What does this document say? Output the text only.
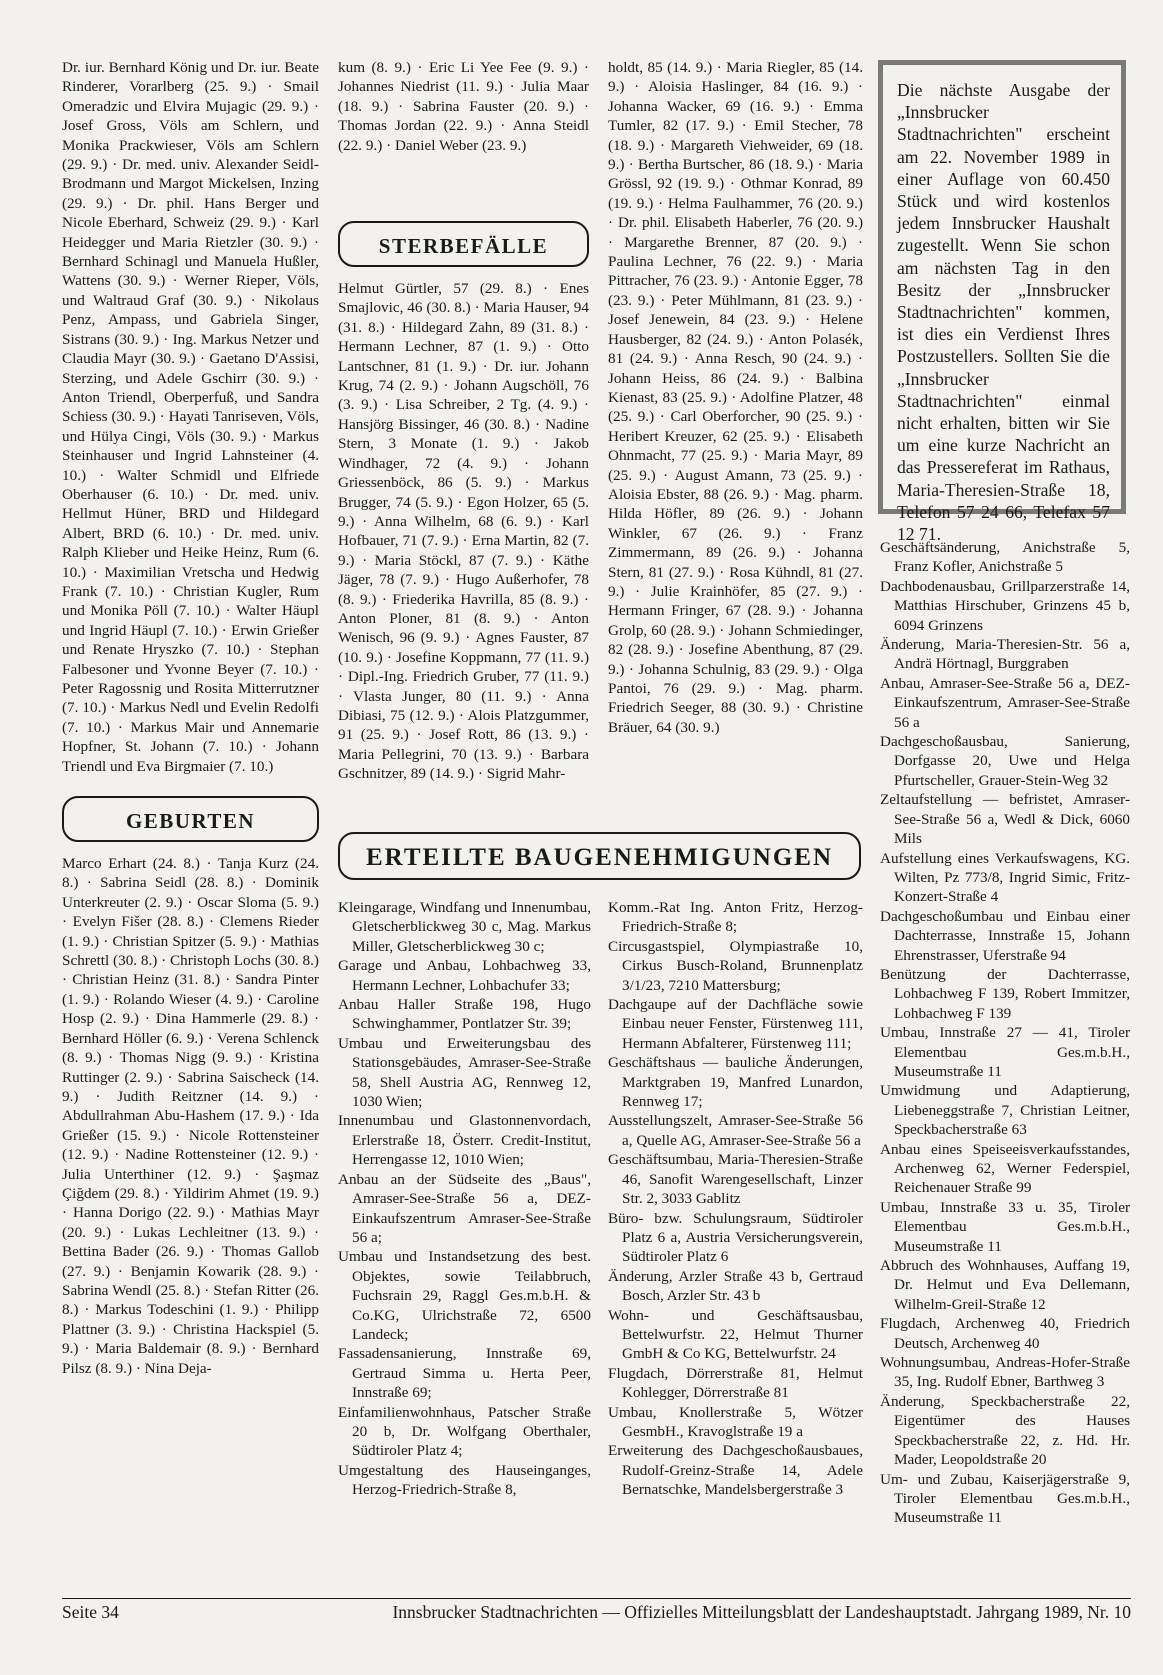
Dr. iur. Bernhard König und Dr. iur. Beate Rinderer, Vorarlberg (25. 9.) · Smail Omeradzic und Elvira Mujagic (29. 9.) · Josef Gross, Völs am Schlern, und Monika Prackwieser, Völs am Schlern (29. 9.) · Dr. med. univ. Alexander Seidl-Brodmann und Margot Mickelsen, Inzing (29. 9.) · Dr. phil. Hans Berger und Nicole Eberhard, Schweiz (29. 9.) · Karl Heidegger und Maria Rietzler (30. 9.) · Bernhard Schinagl und Manuela Hußler, Wattens (30. 9.) · Werner Rieper, Völs, und Waltraud Graf (30. 9.) · Nikolaus Penz, Ampass, und Gabriela Singer, Sistrans (30. 9.) · Ing. Markus Netzer und Claudia Mayr (30. 9.) · Gaetano D'Assisi, Sterzing, und Adele Gschirr (30. 9.) · Anton Triendl, Oberperfuß, und Sandra Schiess (30. 9.) · Hayati Tanriseven, Völs, und Hülya Cingi, Völs (30. 9.) · Markus Steinhauser und Ingrid Lahnsteiner (4. 10.) · Walter Schmidl und Elfriede Oberhauser (6. 10.) · Dr. med. univ. Hellmut Hüner, BRD und Hildegard Albert, BRD (6. 10.) · Dr. med. univ. Ralph Klieber und Heike Heinz, Rum (6. 10.) · Maximilian Vretscha und Hedwig Frank (7. 10.) · Christian Kugler, Rum und Monika Pöll (7. 10.) · Walter Häupl und Ingrid Häupl (7. 10.) · Erwin Grießer und Renate Hryszko (7. 10.) · Stephan Falbesoner und Yvonne Beyer (7. 10.) · Peter Ragossnig und Rosita Mitterrutzner (7. 10.) · Markus Nedl und Evelin Redolfi (7. 10.) · Markus Mair und Annemarie Hopfner, St. Johann (7. 10.) · Johann Triendl und Eva Birgmaier (7. 10.)

GEBURTEN

Marco Erhart (24. 8.) · Tanja Kurz (24. 8.) · Sabrina Seidl (28. 8.) · Dominik Unterkreuter (2. 9.) · Oscar Sloma (5. 9.) · Evelyn Fišer (28. 8.) · Clemens Rieder (1. 9.) · Christian Spitzer (5. 9.) · Mathias Schrettl (30. 8.) · Christoph Lochs (30. 8.) · Christian Heinz (31. 8.) · Sandra Pinter (1. 9.) · Rolando Wieser (4. 9.) · Caroline Hosp (2. 9.) · Dina Hammerle (29. 8.) · Bernhard Höller (6. 9.) · Verena Schlenck (8. 9.) · Thomas Nigg (9. 9.) · Kristina Ruttinger (2. 9.) · Sabrina Saischeck (14. 9.) · Judith Reitzner (14. 9.) · Abdullrahman Abu-Hashem (17. 9.) · Ida Grießer (15. 9.) · Nicole Rottensteiner (12. 9.) · Nadine Rottensteiner (12. 9.) · Julia Unterthiner (12. 9.) · Şaşmaz Çiğdem (29. 8.) · Yildirim Ahmet (19. 9.) · Hanna Dorigo (22. 9.) · Mathias Mayr (20. 9.) · Lukas Lechleitner (13. 9.) · Bettina Bader (26. 9.) · Thomas Gallob (27. 9.) · Benjamin Kowarik (28. 9.) · Sabrina Wendl (25. 8.) · Stefan Ritter (26. 8.) · Markus Todeschini (1. 9.) · Philipp Plattner (3. 9.) · Christina Hackspiel (5. 9.) · Maria Baldemair (8. 9.) · Bernhard Pilsz (8. 9.) · Nina Deja-

kum (8. 9.) · Eric Li Yee Fee (9. 9.) · Johannes Niedrist (11. 9.) · Julia Maar (18. 9.) · Sabrina Fauster (20. 9.) · Thomas Jordan (22. 9.) · Anna Steidl (22. 9.) · Daniel Weber (23. 9.)

STERBEFÄLLE

Helmut Gürtler, 57 (29. 8.) · Enes Smajlovic, 46 (30. 8.) · Maria Hauser, 94 (31. 8.) · Hildegard Zahn, 89 (31. 8.) · Hermann Lechner, 87 (1. 9.) · Otto Lantschner, 81 (1. 9.) · Dr. iur. Johann Krug, 74 (2. 9.) · Johann Augschöll, 76 (3. 9.) · Lisa Schreiber, 2 Tg. (4. 9.) · Hansjörg Bissinger, 46 (30. 8.) · Nadine Stern, 3 Monate (1. 9.) · Jakob Windhager, 72 (4. 9.) · Johann Griessenböck, 86 (5. 9.) · Markus Brugger, 74 (5. 9.) · Egon Holzer, 65 (5. 9.) · Anna Wilhelm, 68 (6. 9.) · Karl Hofbauer, 71 (7. 9.) · Erna Martin, 82 (7. 9.) · Maria Stöckl, 87 (7. 9.) · Käthe Jäger, 78 (7. 9.) · Hugo Außerhofer, 78 (8. 9.) · Friederika Havrilla, 85 (8. 9.) · Anton Ploner, 81 (8. 9.) · Anton Wenisch, 96 (9. 9.) · Agnes Fauster, 87 (10. 9.) · Josefine Koppmann, 77 (11. 9.) · Dipl.-Ing. Friedrich Gruber, 77 (11. 9.) · Vlasta Junger, 80 (11. 9.) · Anna Dibiasi, 75 (12. 9.) · Alois Platzgummer, 91 (25. 9.) · Josef Rott, 86 (13. 9.) · Maria Pellegrini, 70 (13. 9.) · Barbara Gschnitzer, 89 (14. 9.) · Sigrid Mahr-

holdt, 85 (14. 9.) · Maria Riegler, 85 (14. 9.) · Aloisia Haslinger, 84 (16. 9.) · Johanna Wacker, 69 (16. 9.) · Emma Tumler, 82 (17. 9.) · Emil Stecher, 78 (18. 9.) · Margareth Viehweider, 69 (18. 9.) · Bertha Burtscher, 86 (18. 9.) · Maria Grössl, 92 (19. 9.) · Othmar Konrad, 89 (19. 9.) · Helma Faulhammer, 76 (20. 9.) · Dr. phil. Elisabeth Haberler, 76 (20. 9.) · Margarethe Brenner, 87 (20. 9.) · Paulina Lechner, 76 (22. 9.) · Maria Pittracher, 76 (23. 9.) · Antonie Egger, 78 (23. 9.) · Peter Mühlmann, 81 (23. 9.) · Josef Jenewein, 84 (23. 9.) · Helene Hausberger, 82 (24. 9.) · Anton Polasék, 81 (24. 9.) · Anna Resch, 90 (24. 9.) · Johann Heiss, 86 (24. 9.) · Balbina Kienast, 83 (25. 9.) · Adolfine Platzer, 48 (25. 9.) · Carl Oberforcher, 90 (25. 9.) · Heribert Kreuzer, 62 (25. 9.) · Elisabeth Ohnmacht, 77 (25. 9.) · Maria Mayr, 89 (25. 9.) · August Amann, 73 (25. 9.) · Aloisia Ebster, 88 (26. 9.) · Mag. pharm. Hilda Höfler, 89 (26. 9.) · Johann Winkler, 67 (26. 9.) · Franz Zimmermann, 89 (26. 9.) · Johanna Stern, 81 (27. 9.) · Rosa Kühndl, 81 (27. 9.) · Julie Krainhöfer, 85 (27. 9.) · Hermann Fringer, 67 (28. 9.) · Johanna Grolp, 60 (28. 9.) · Johann Schmiedinger, 82 (28. 9.) · Josefine Abenthung, 87 (29. 9.) · Johanna Schulnig, 83 (29. 9.) · Olga Pantoi, 76 (29. 9.) · Mag. pharm. Friedrich Seeger, 88 (30. 9.) · Christine Bräuer, 64 (30. 9.)

Die nächste Ausgabe der „Innsbrucker Stadtnachrichten" erscheint am 22. November 1989 in einer Auflage von 60.450 Stück und wird kostenlos jedem Innsbrucker Haushalt zugestellt. Wenn Sie schon am nächsten Tag in den Besitz der „Innsbrucker Stadtnachrichten" kommen, ist dies ein Verdienst Ihres Postzustellers. Sollten Sie die „Innsbrucker Stadtnachrichten" einmal nicht erhalten, bitten wir Sie um eine kurze Nachricht an das Pressereferat im Rathaus, Maria-Theresien-Straße 18, Telefon 57 24 66, Telefax 57 12 71.
ERTEILTE BAUGENEHMIGUNGEN

Kleingarage, Windfang und Innenumbau, Gletscherblickweg 30 c, Mag. Markus Miller, Gletscherblickweg 30 c;

Garage und Anbau, Lohbachweg 33, Hermann Lechner, Lohbachufer 33;

Anbau Haller Straße 198, Hugo Schwinghammer, Pontlatzer Str. 39;

Umbau und Erweiterungsbau des Stationsgebäudes, Amraser-See-Straße 58, Shell Austria AG, Rennweg 12, 1030 Wien;

Innenumbau und Glastonnenvordach, Erlerstraße 18, Österr. Credit-Institut, Herrengasse 12, 1010 Wien;

Anbau an der Südseite des „Baus", Amraser-See-Straße 56 a, DEZ-Einkaufszentrum Amraser-See-Straße 56 a;

Umbau und Instandsetzung des best. Objektes, sowie Teilabbruch, Fuchsrain 29, Raggl Ges.m.b.H. & Co.KG, Ulrichstraße 72, 6500 Landeck;

Fassadensanierung, Innstraße 69, Gertraud Simma u. Herta Peer, Innstraße 69;

Einfamilienwohnhaus, Patscher Straße 20 b, Dr. Wolfgang Oberthaler, Südtiroler Platz 4;

Umgestaltung des Hauseinganges, Herzog-Friedrich-Straße 8,

Komm.-Rat Ing. Anton Fritz, Herzog-Friedrich-Straße 8;

Circusgastspiel, Olympiastraße 10, Cirkus Busch-Roland, Brunnenplatz 3/1/23, 7210 Mattersburg;

Dachgaupe auf der Dachfläche sowie Einbau neuer Fenster, Fürstenweg 111, Hermann Abfalterer, Fürstenweg 111;

Geschäftshaus — bauliche Änderungen, Marktgraben 19, Manfred Lunardon, Rennweg 17;

Ausstellungszelt, Amraser-See-Straße 56 a, Quelle AG, Amraser-See-Straße 56 a

Geschäftsumbau, Maria-Theresien-Straße 46, Sanofit Warengesellschaft, Linzer Str. 2, 3033 Gablitz

Büro- bzw. Schulungsraum, Südtiroler Platz 6 a, Austria Versicherungsverein, Südtiroler Platz 6

Änderung, Arzler Straße 43 b, Gertraud Bosch, Arzler Str. 43 b

Wohn- und Geschäftsausbau, Bettelwurfstr. 22, Helmut Thurner GmbH & Co KG, Bettelwurfstr. 24

Flugdach, Dörrerstraße 81, Helmut Kohlegger, Dörrerstraße 81

Umbau, Knollerstraße 5, Wötzer GesmbH., Kravoglstraße 19 a

Erweiterung des Dachgeschoßausbaues, Rudolf-Greinz-Straße 14, Adele Bernatschke, Mandelsbergerstraße 3

Geschäftsänderung, Anichstraße 5, Franz Kofler, Anichstraße 5

Dachbodenausbau, Grillparzerstraße 14, Matthias Hirschuber, Grinzens 45 b, 6094 Grinzens

Änderung, Maria-Theresien-Str. 56 a, Andrä Hörtnagl, Burggraben

Anbau, Amraser-See-Straße 56 a, DEZ-Einkaufszentrum, Amraser-See-Straße 56 a

Dachgeschoßausbau, Sanierung, Dorfgasse 20, Uwe und Helga Pfurtscheller, Grauer-Stein-Weg 32

Zeltaufstellung — befristet, Amraser-See-Straße 56 a, Wedl & Dick, 6060 Mils

Aufstellung eines Verkaufswagens, KG. Wilten, Pz 773/8, Ingrid Simic, Fritz-Konzert-Straße 4

Dachgeschoßumbau und Einbau einer Dachterrasse, Innstraße 15, Johann Ehrenstrasser, Uferstraße 94

Benützung der Dachterrasse, Lohbachweg F 139, Robert Immitzer, Lohbachweg F 139

Umbau, Innstraße 27 — 41, Tiroler Elementbau Ges.m.b.H., Museumstraße 11

Umwidmung und Adaptierung, Liebeneggstraße 7, Christian Leitner, Speckbacherstraße 63

Anbau eines Speiseeisverkaufsstandes, Archenweg 62, Werner Federspiel, Reichenauer Straße 99

Umbau, Innstraße 33 u. 35, Tiroler Elementbau Ges.m.b.H., Museumstraße 11

Abbruch des Wohnhauses, Auffang 19, Dr. Helmut und Eva Dellemann, Wilhelm-Greil-Straße 12

Flugdach, Archenweg 40, Friedrich Deutsch, Archenweg 40

Wohnungsumbau, Andreas-Hofer-Straße 35, Ing. Rudolf Ebner, Barthweg 3

Änderung, Speckbacherstraße 22, Eigentümer des Hauses Speckbacherstraße 22, z. Hd. Hr. Mader, Leopoldstraße 20

Um- und Zubau, Kaiserjägerstraße 9, Tiroler Elementbau Ges.m.b.H., Museumstraße 11

Seite 34	Innsbrucker Stadtnachrichten — Offizielles Mitteilungsblatt der Landeshauptstadt. Jahrgang 1989, Nr. 10
